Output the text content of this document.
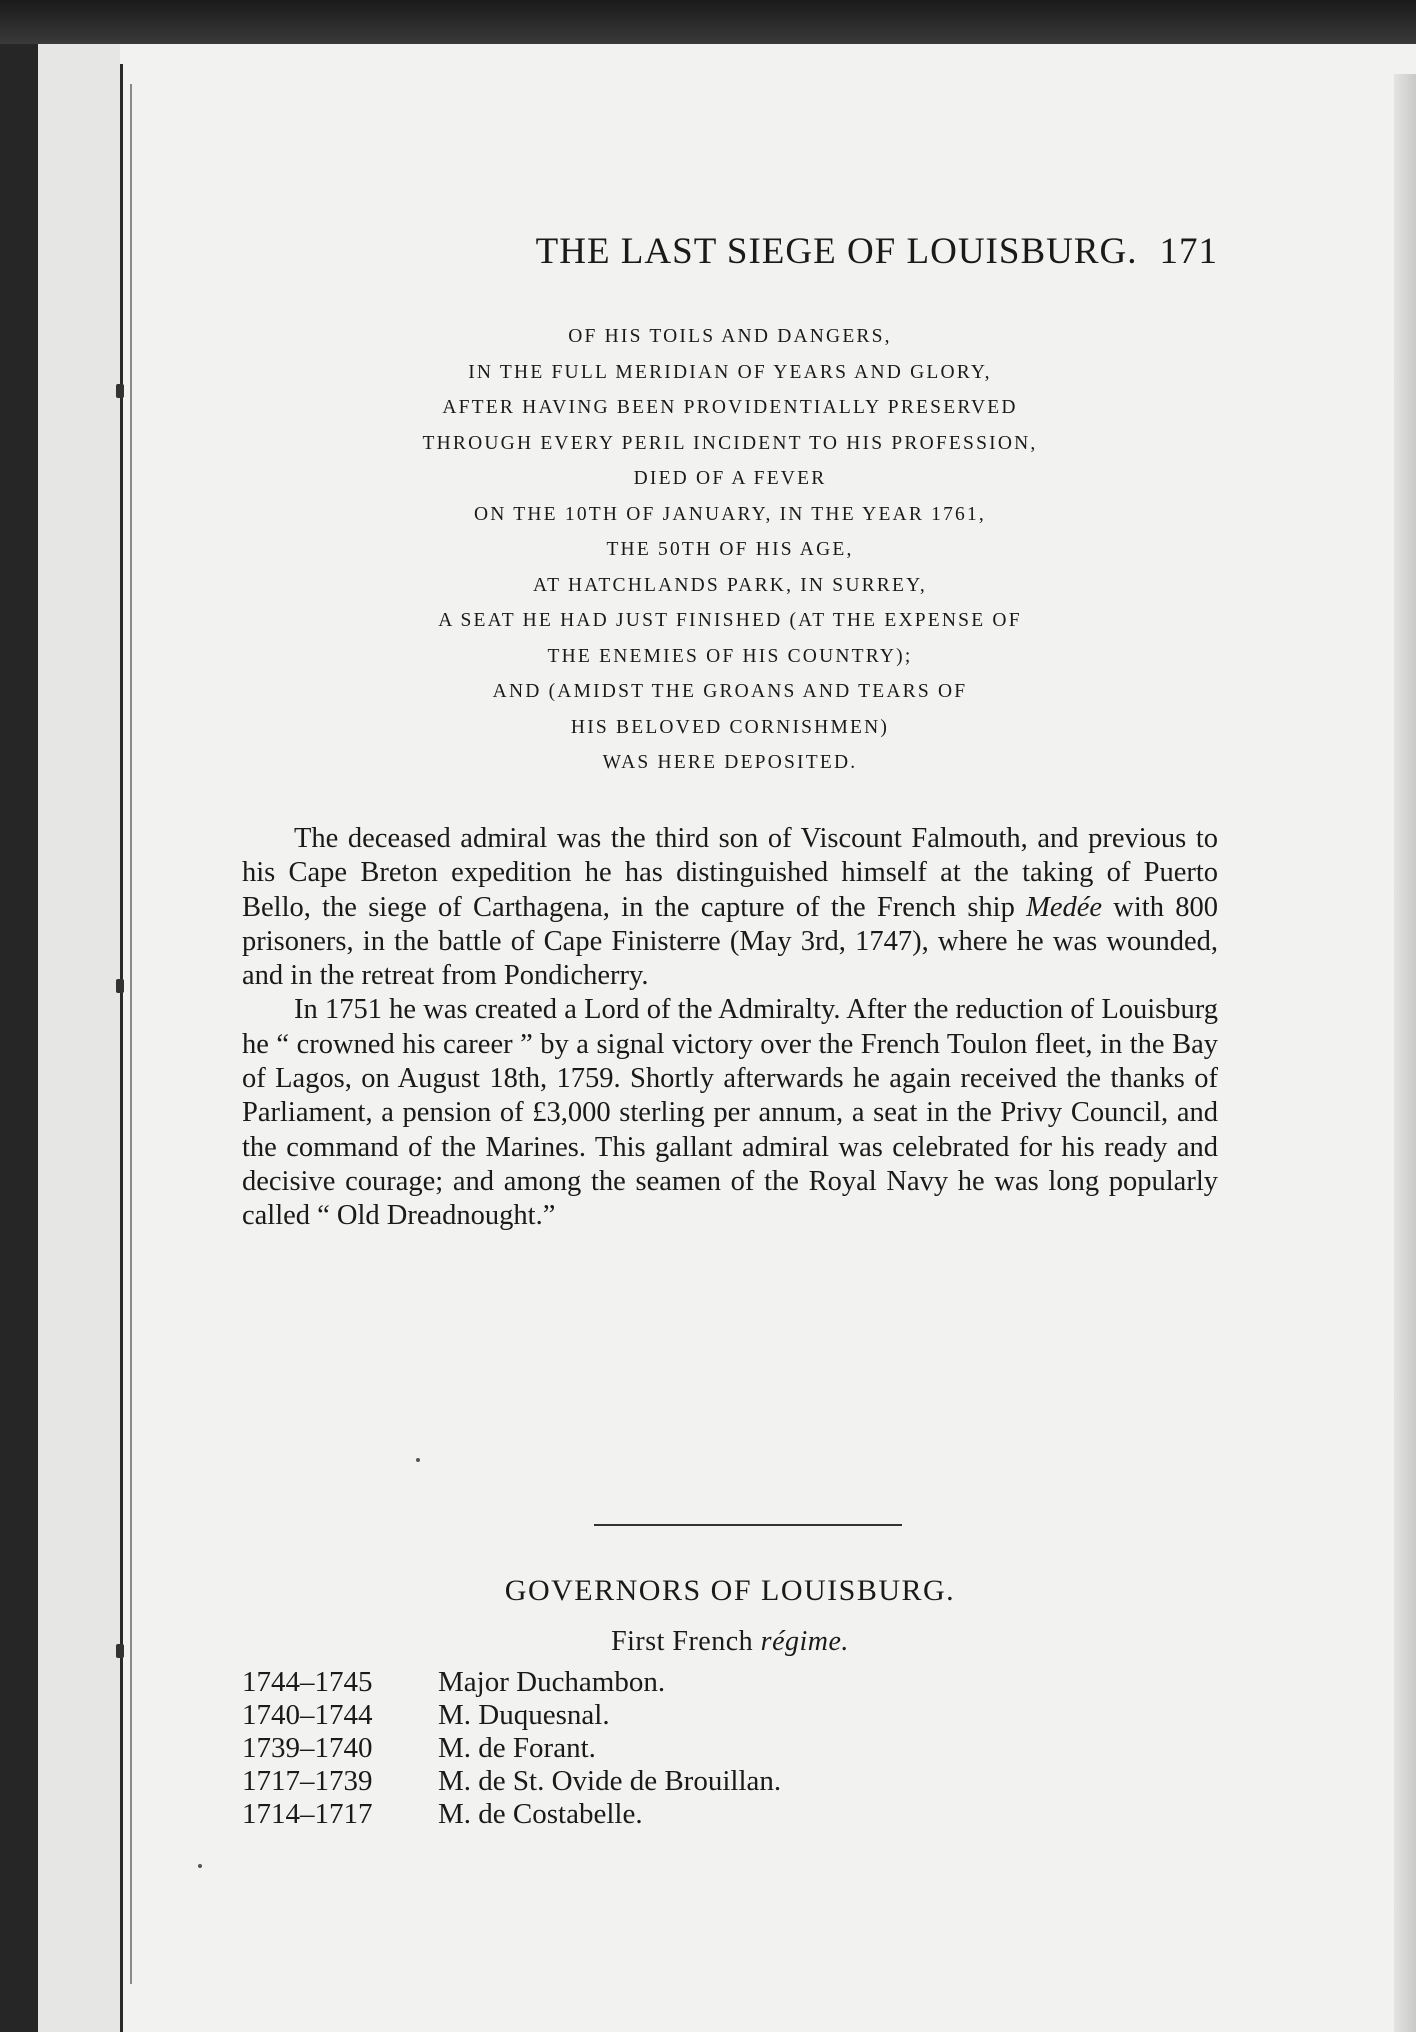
THE LAST SIEGE OF LOUISBURG. 171
OF HIS TOILS AND DANGERS,
IN THE FULL MERIDIAN OF YEARS AND GLORY,
AFTER HAVING BEEN PROVIDENTIALLY PRESERVED
THROUGH EVERY PERIL INCIDENT TO HIS PROFESSION,
DIED OF A FEVER
ON THE 10TH OF JANUARY, IN THE YEAR 1761,
THE 50TH OF HIS AGE,
AT HATCHLANDS PARK, IN SURREY,
A SEAT HE HAD JUST FINISHED (AT THE EXPENSE OF
THE ENEMIES OF HIS COUNTRY);
AND (AMIDST THE GROANS AND TEARS OF
HIS BELOVED CORNISHMEN)
WAS HERE DEPOSITED.

The deceased admiral was the third son of Viscount Falmouth, and previous to his Cape Breton expedition he has distinguished himself at the taking of Puerto Bello, the siege of Carthagena, in the capture of the French ship Medée with 800 prisoners, in the battle of Cape Finisterre (May 3rd, 1747), where he was wounded, and in the retreat from Pondicherry.

In 1751 he was created a Lord of the Admiralty. After the reduction of Louisburg he “ crowned his career ” by a signal victory over the French Toulon fleet, in the Bay of Lagos, on August 18th, 1759. Shortly afterwards he again received the thanks of Parliament, a pension of £3,000 sterling per annum, a seat in the Privy Council, and the command of the Marines. This gallant admiral was celebrated for his ready and decisive courage; and among the seamen of the Royal Navy he was long popularly called “ Old Dreadnought.”

GOVERNORS OF LOUISBURG.
First French régime.
1744–1745	Major Duchambon.
1740–1744	M. Duquesnal.
1739–1740	M. de Forant.
1717–1739	M. de St. Ovide de Brouillan.
1714–1717	M. de Costabelle.
